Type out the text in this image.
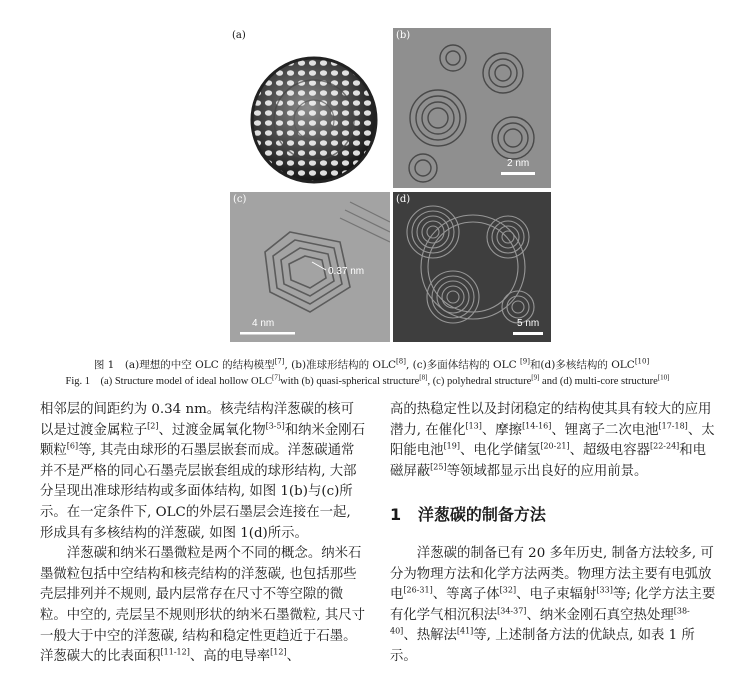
(a)	(b)
2 nm
(c)
0.37 nm
4 nm
(d)
5 nm
图 1　(a)理想的中空 OLC 的结构模型[7], (b)准球形结构的 OLC[8], (c)多面体结构的 OLC [9]和(d)多核结构的 OLC[10]
Fig. 1　(a) Structure model of ideal hollow OLC[7]with (b) quasi-spherical structure[8], (c) polyhedral structure[9] and (d) multi-core structure[10]

相邻层的间距约为 0.34 nm。核壳结构洋葱碳的核可以是过渡金属粒子[2]、过渡金属氧化物[3-5]和纳米金刚石颗粒[6]等, 其壳由球形的石墨层嵌套而成。洋葱碳通常并不是严格的同心石墨壳层嵌套组成的球形结构, 大部分呈现出准球形结构或多面体结构, 如图 1(b)与(c)所示。在一定条件下, OLC的外层石墨层会连接在一起, 形成具有多核结构的洋葱碳, 如图 1(d)所示。

洋葱碳和纳米石墨微粒是两个不同的概念。纳米石墨微粒包括中空结构和核壳结构的洋葱碳, 也包括那些壳层排列并不规则, 最内层常存在尺寸不等空隙的微粒。中空的, 壳层呈不规则形状的纳米石墨微粒, 其尺寸一般大于中空的洋葱碳, 结构和稳定性更趋近于石墨。洋葱碳大的比表面积[11-12]、高的电导率[12]、

高的热稳定性以及封闭稳定的结构使其具有较大的应用潜力, 在催化[13]、摩擦[14-16]、锂离子二次电池[17-18]、太阳能电池[19]、电化学储氢[20-21]、超级电容器[22-24]和电磁屏蔽[25]等领域都显示出良好的应用前景。

1 洋葱碳的制备方法

洋葱碳的制备已有 20 多年历史, 制备方法较多, 可分为物理方法和化学方法两类。物理方法主要有电弧放电[26-31]、等离子体[32]、电子束辐射[33]等; 化学方法主要有化学气相沉积法[34-37]、纳米金刚石真空热处理[38-40]、热解法[41]等, 上述制备方法的优缺点, 如表 1 所示。
